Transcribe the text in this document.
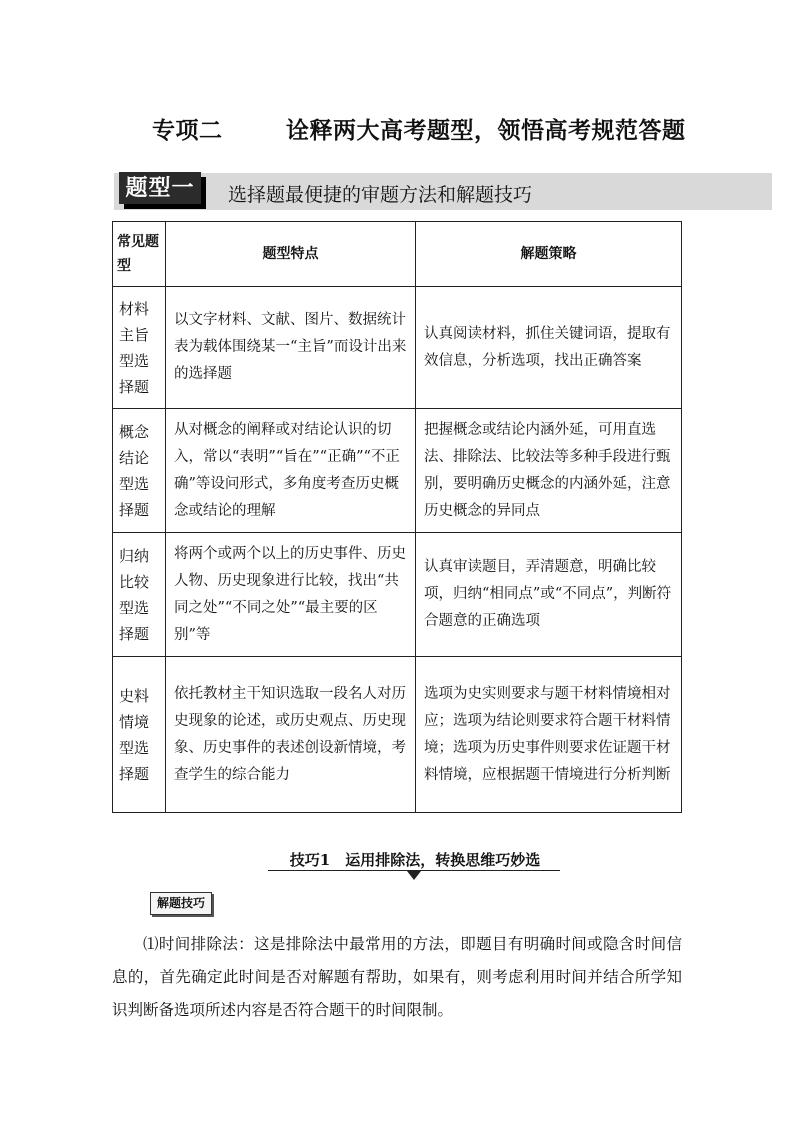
专项二	诠释两大高考题型，领悟高考规范答题
题型一	选择题最便捷的审题方法和解题技巧
常见题型	题型特点	解题策略
材料主旨型选择题	以文字材料、文献、图片、数据统计表为载体围绕某一“主旨”而设计出来的选择题	认真阅读材料，抓住关键词语，提取有效信息，分析选项，找出正确答案
概念结论型选择题	从对概念的阐释或对结论认识的切入，常以“表明”“旨在”“正确”“不正确”等设问形式，多角度考查历史概念或结论的理解	把握概念或结论内涵外延，可用直选法、排除法、比较法等多种手段进行甄别，要明确历史概念的内涵外延，注意历史概念的异同点
归纳比较型选择题	将两个或两个以上的历史事件、历史人物、历史现象进行比较，找出“共同之处”“不同之处”“最主要的区别”等	认真审读题目，弄清题意，明确比较项，归纳“相同点”或“不同点”，判断符合题意的正确选项
史料情境型选择题	依托教材主干知识选取一段名人对历史现象的论述，或历史观点、历史现象、历史事件的表述创设新情境，考查学生的综合能力	选项为史实则要求与题干材料情境相对应；选项为结论则要求符合题干材料情境；选项为历史事件则要求佐证题干材料情境，应根据题干情境进行分析判断
技巧1　运用排除法，转换思维巧妙选
解题技巧
⑴时间排除法：这是排除法中最常用的方法，即题目有明确时间或隐含时间信息的，首先确定此时间是否对解题有帮助，如果有，则考虑利用时间并结合所学知识判断备选项所述内容是否符合题干的时间限制。
